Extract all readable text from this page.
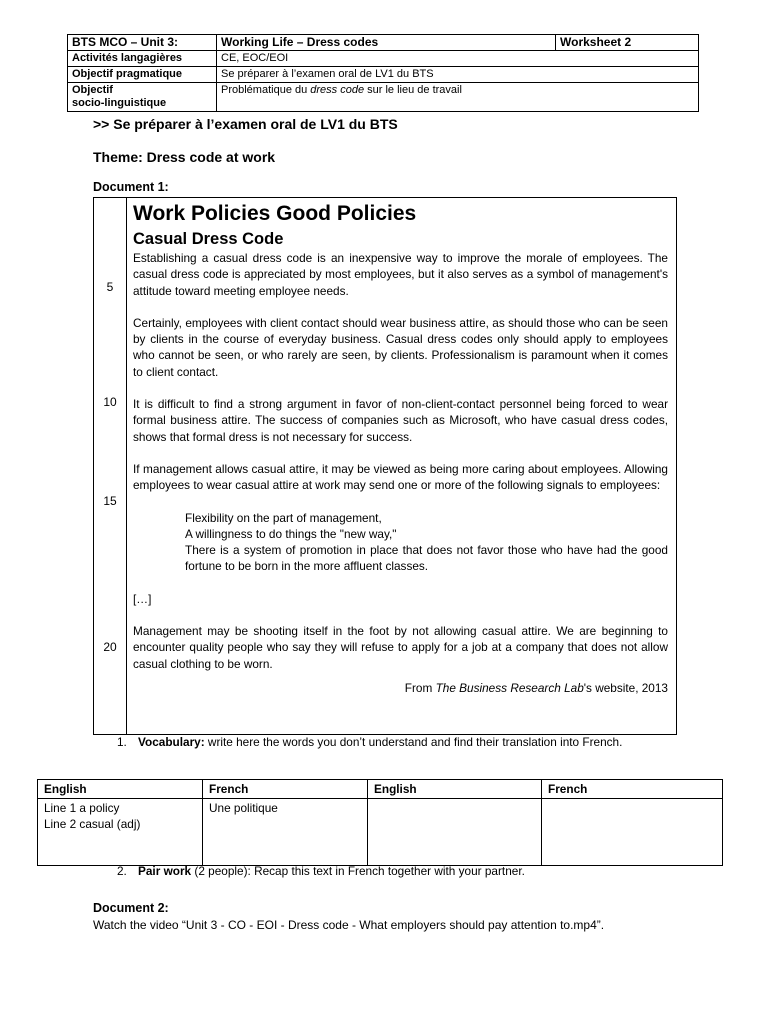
BTS MCO – Unit 3:	Working Life – Dress codes	Worksheet 2
Activités langagières	CE, EOC/EOI	
Objectif pragmatique	Se préparer à l’examen oral de LV1 du BTS	
Objectif
socio-linguistique	Problématique du dress code sur le lieu de travail	
>> Se préparer à l’examen oral de LV1 du BTS
Theme: Dress code at work
Document 1:
5
10
15
20
Work Policies Good Policies
Casual Dress Code

Establishing a casual dress code is an inexpensive way to improve the morale of employees. The casual dress code is appreciated by most employees, but it also serves as a symbol of management's attitude toward meeting employee needs.

Certainly, employees with client contact should wear business attire, as should those who can be seen by clients in the course of everyday business. Casual dress codes only should apply to employees who cannot be seen, or who rarely are seen, by clients. Professionalism is paramount when it comes to client contact.

It is difficult to find a strong argument in favor of non-client-contact personnel being forced to wear formal business attire. The success of companies such as Microsoft, who have casual dress codes, shows that formal dress is not necessary for success.

If management allows casual attire, it may be viewed as being more caring about employees. Allowing employees to wear casual attire at work may send one or more of the following signals to employees:

Flexibility on the part of management,
A willingness to do things the "new way,"
There is a system of promotion in place that does not favor those who have had the good fortune to be born in the more affluent classes.

[…]

Management may be shooting itself in the foot by not allowing casual attire. We are beginning to encounter quality people who say they will refuse to apply for a job at a company that does not allow casual clothing to be worn.

From The Business Research Lab's website, 2013
1. Vocabulary: write here the words you don’t understand and find their translation into French.
English	French	English	French

Line 1 a policy
Line 2 casual (adj)	Une politique		

2. Pair work (2 people): Recap this text in French together with your partner.
Document 2:
Watch the video “Unit 3 - CO - EOI - Dress code - What employers should pay attention to.mp4”.
